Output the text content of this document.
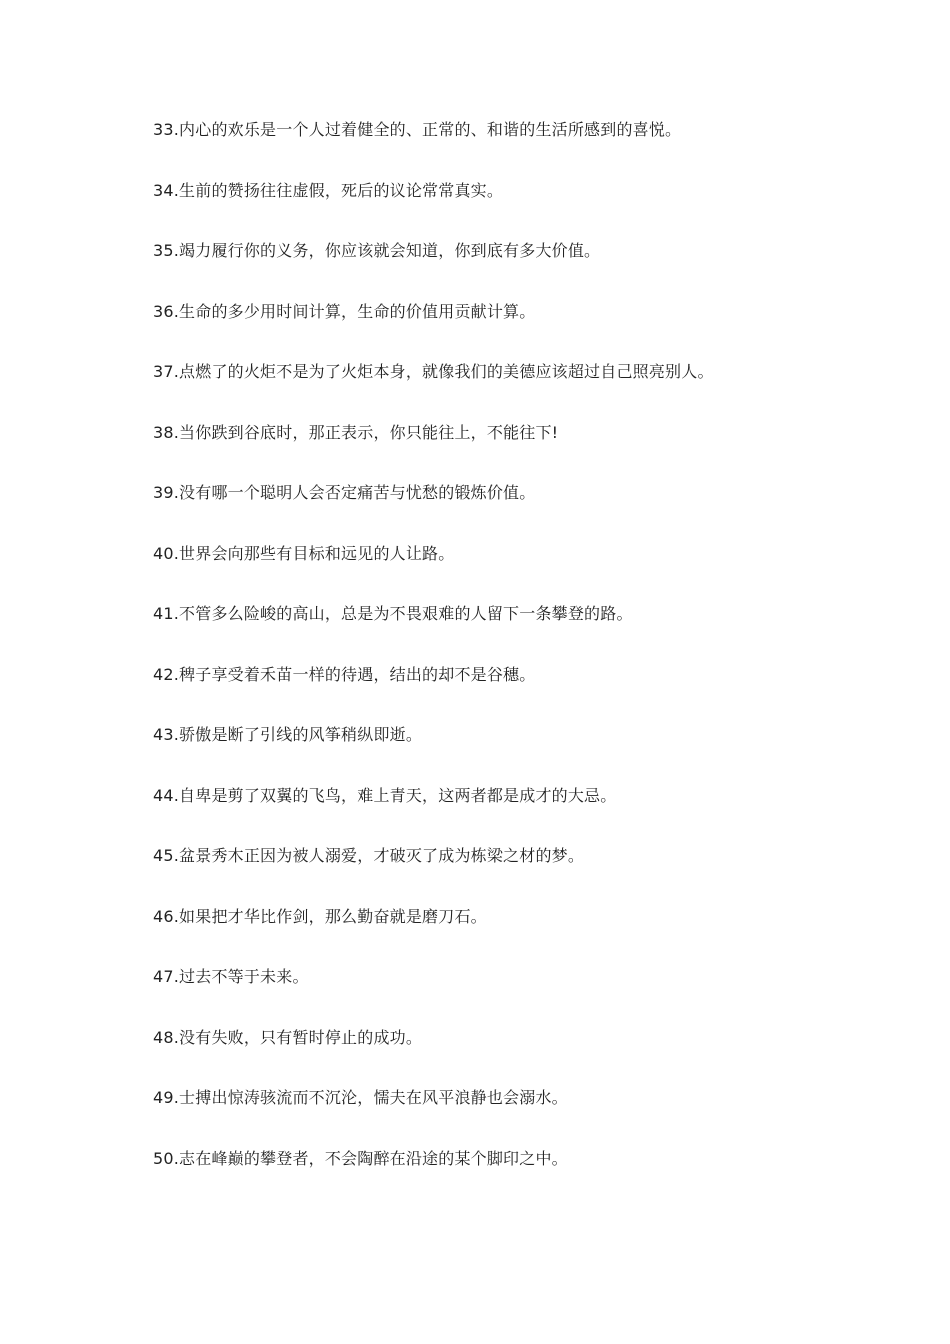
33.内心的欢乐是一个人过着健全的、正常的、和谐的生活所感到的喜悦。
34.生前的赞扬往往虚假，死后的议论常常真实。
35.竭力履行你的义务，你应该就会知道，你到底有多大价值。
36.生命的多少用时间计算，生命的价值用贡献计算。
37.点燃了的火炬不是为了火炬本身，就像我们的美德应该超过自己照亮别人。
38.当你跌到谷底时，那正表示，你只能往上，不能往下!
39.没有哪一个聪明人会否定痛苦与忧愁的锻炼价值。
40.世界会向那些有目标和远见的人让路。
41.不管多么险峻的高山，总是为不畏艰难的人留下一条攀登的路。
42.稗子享受着禾苗一样的待遇，结出的却不是谷穗。
43.骄傲是断了引线的风筝稍纵即逝。
44.自卑是剪了双翼的飞鸟，难上青天，这两者都是成才的大忌。
45.盆景秀木正因为被人溺爱，才破灭了成为栋梁之材的梦。
46.如果把才华比作剑，那么勤奋就是磨刀石。
47.过去不等于未来。
48.没有失败，只有暂时停止的成功。
49.士搏出惊涛骇流而不沉沦，懦夫在风平浪静也会溺水。
50.志在峰巅的攀登者，不会陶醉在沿途的某个脚印之中。
